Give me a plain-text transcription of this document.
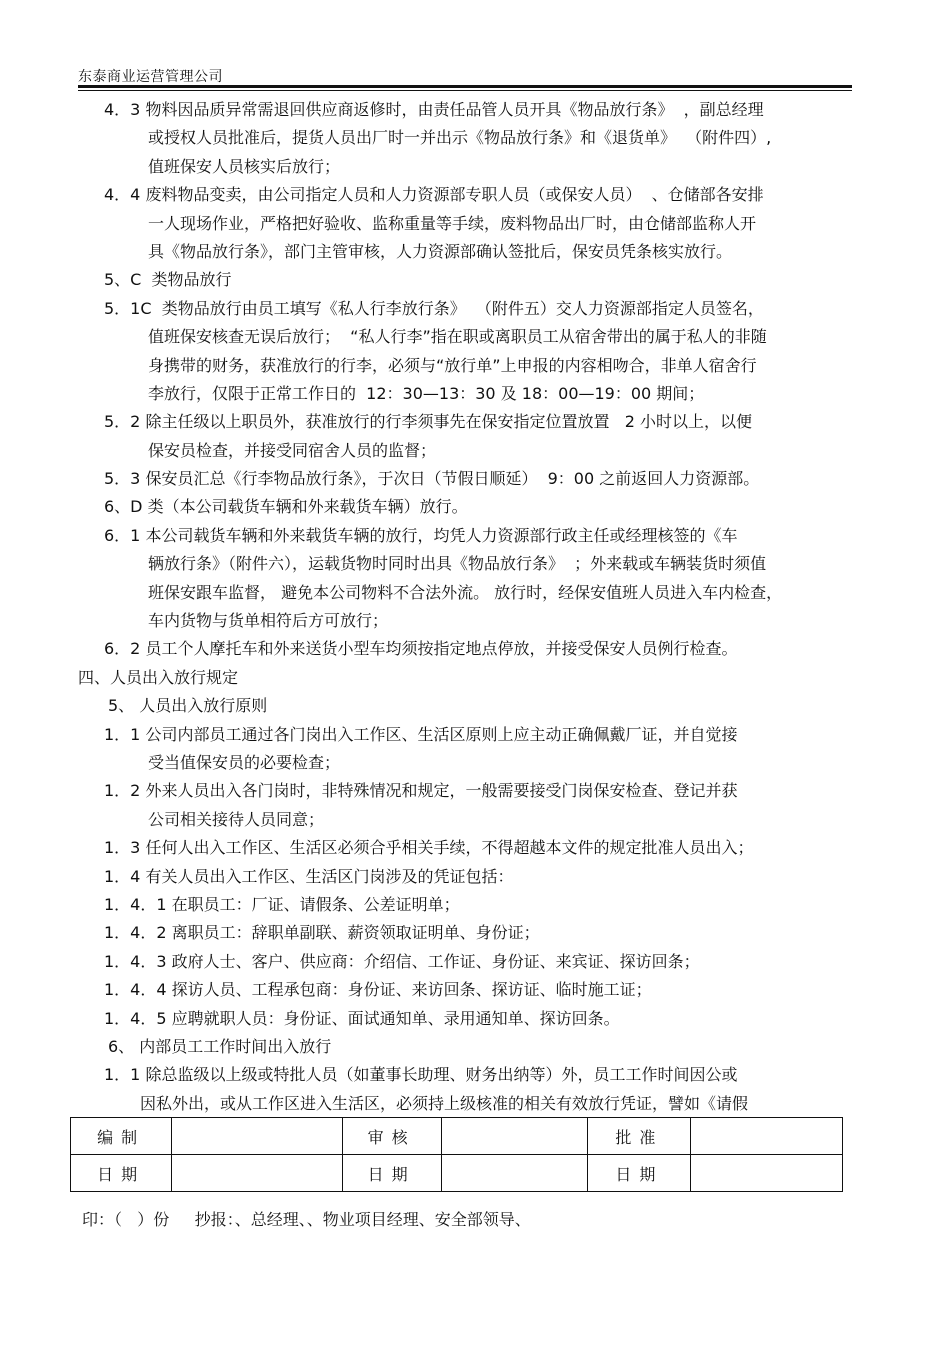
东泰商业运营管理公司
4．3 物料因品质异常需退回供应商返修时，由责任品管人员开具《物品放行条》  ，副总经理
或授权人员批准后，提货人员出厂时一并出示《物品放行条》和《退货单》  （附件四）,
值班保安人员核实后放行；
4．4 废料物品变卖，由公司指定人员和人力资源部专职人员（或保安人员）  、仓储部各安排
一人现场作业，严格把好验收、监称重量等手续，废料物品出厂时，由仓储部监称人开
具《物品放行条》，部门主管审核，人力资源部确认签批后，保安员凭条核实放行。
5、C  类物品放行
5．1C  类物品放行由员工填写《私人行李放行条》  （附件五）交人力资源部指定人员签名，
值班保安核查无误后放行；  “私人行李”指在职或离职员工从宿舍带出的属于私人的非随
身携带的财务，获准放行的行李，必须与“放行单”上申报的内容相吻合，非单人宿舍行
李放行，仅限于正常工作日的  12：30—13：30 及 18：00—19：00 期间；
5．2 除主任级以上职员外，获准放行的行李须事先在保安指定位置放置   2 小时以上，以便
保安员检查，并接受同宿舍人员的监督；
5．3 保安员汇总《行李物品放行条》，于次日（节假日顺延）  9：00 之前返回人力资源部。
6、D 类（本公司载货车辆和外来载货车辆）放行。
6．1 本公司载货车辆和外来载货车辆的放行，均凭人力资源部行政主任或经理核签的《车
辆放行条》（附件六），运载货物时同时出具《物品放行条》  ；外来载或车辆装货时须值
班保安跟车监督， 避免本公司物料不合法外流。 放行时，经保安值班人员进入车内检查，
车内货物与货单相符后方可放行；
6．2 员工个人摩托车和外来送货小型车均须按指定地点停放，并接受保安人员例行检查。
四、人员出入放行规定
5、 人员出入放行原则
1．1 公司内部员工通过各门岗出入工作区、生活区原则上应主动正确佩戴厂证，并自觉接
受当值保安员的必要检查；
1．2 外来人员出入各门岗时，非特殊情况和规定，一般需要接受门岗保安检查、登记并获
公司相关接待人员同意；
1．3 任何人出入工作区、生活区必须合乎相关手续，不得超越本文件的规定批准人员出入；
1．4 有关人员出入工作区、生活区门岗涉及的凭证包括：
1．4．1 在职员工：厂证、请假条、公差证明单；
1．4．2 离职员工：辞职单副联、薪资领取证明单、身份证；
1．4．3 政府人士、客户、供应商：介绍信、工作证、身份证、来宾证、探访回条；
1．4．4 探访人员、工程承包商：身份证、来访回条、探访证、临时施工证；
1．4．5 应聘就职人员：身份证、面试通知单、录用通知单、探访回条。
6、 内部员工工作时间出入放行
1．1 除总监级以上级或特批人员（如董事长助理、财务出纳等）外，员工工作时间因公或
因私外出，或从工作区进入生活区，必须持上级核准的相关有效放行凭证，譬如《请假
编制		审核		批准	
日期		日期		日期	
印：（   ）份     抄报：、总经理、、物业项目经理、安全部领导、
